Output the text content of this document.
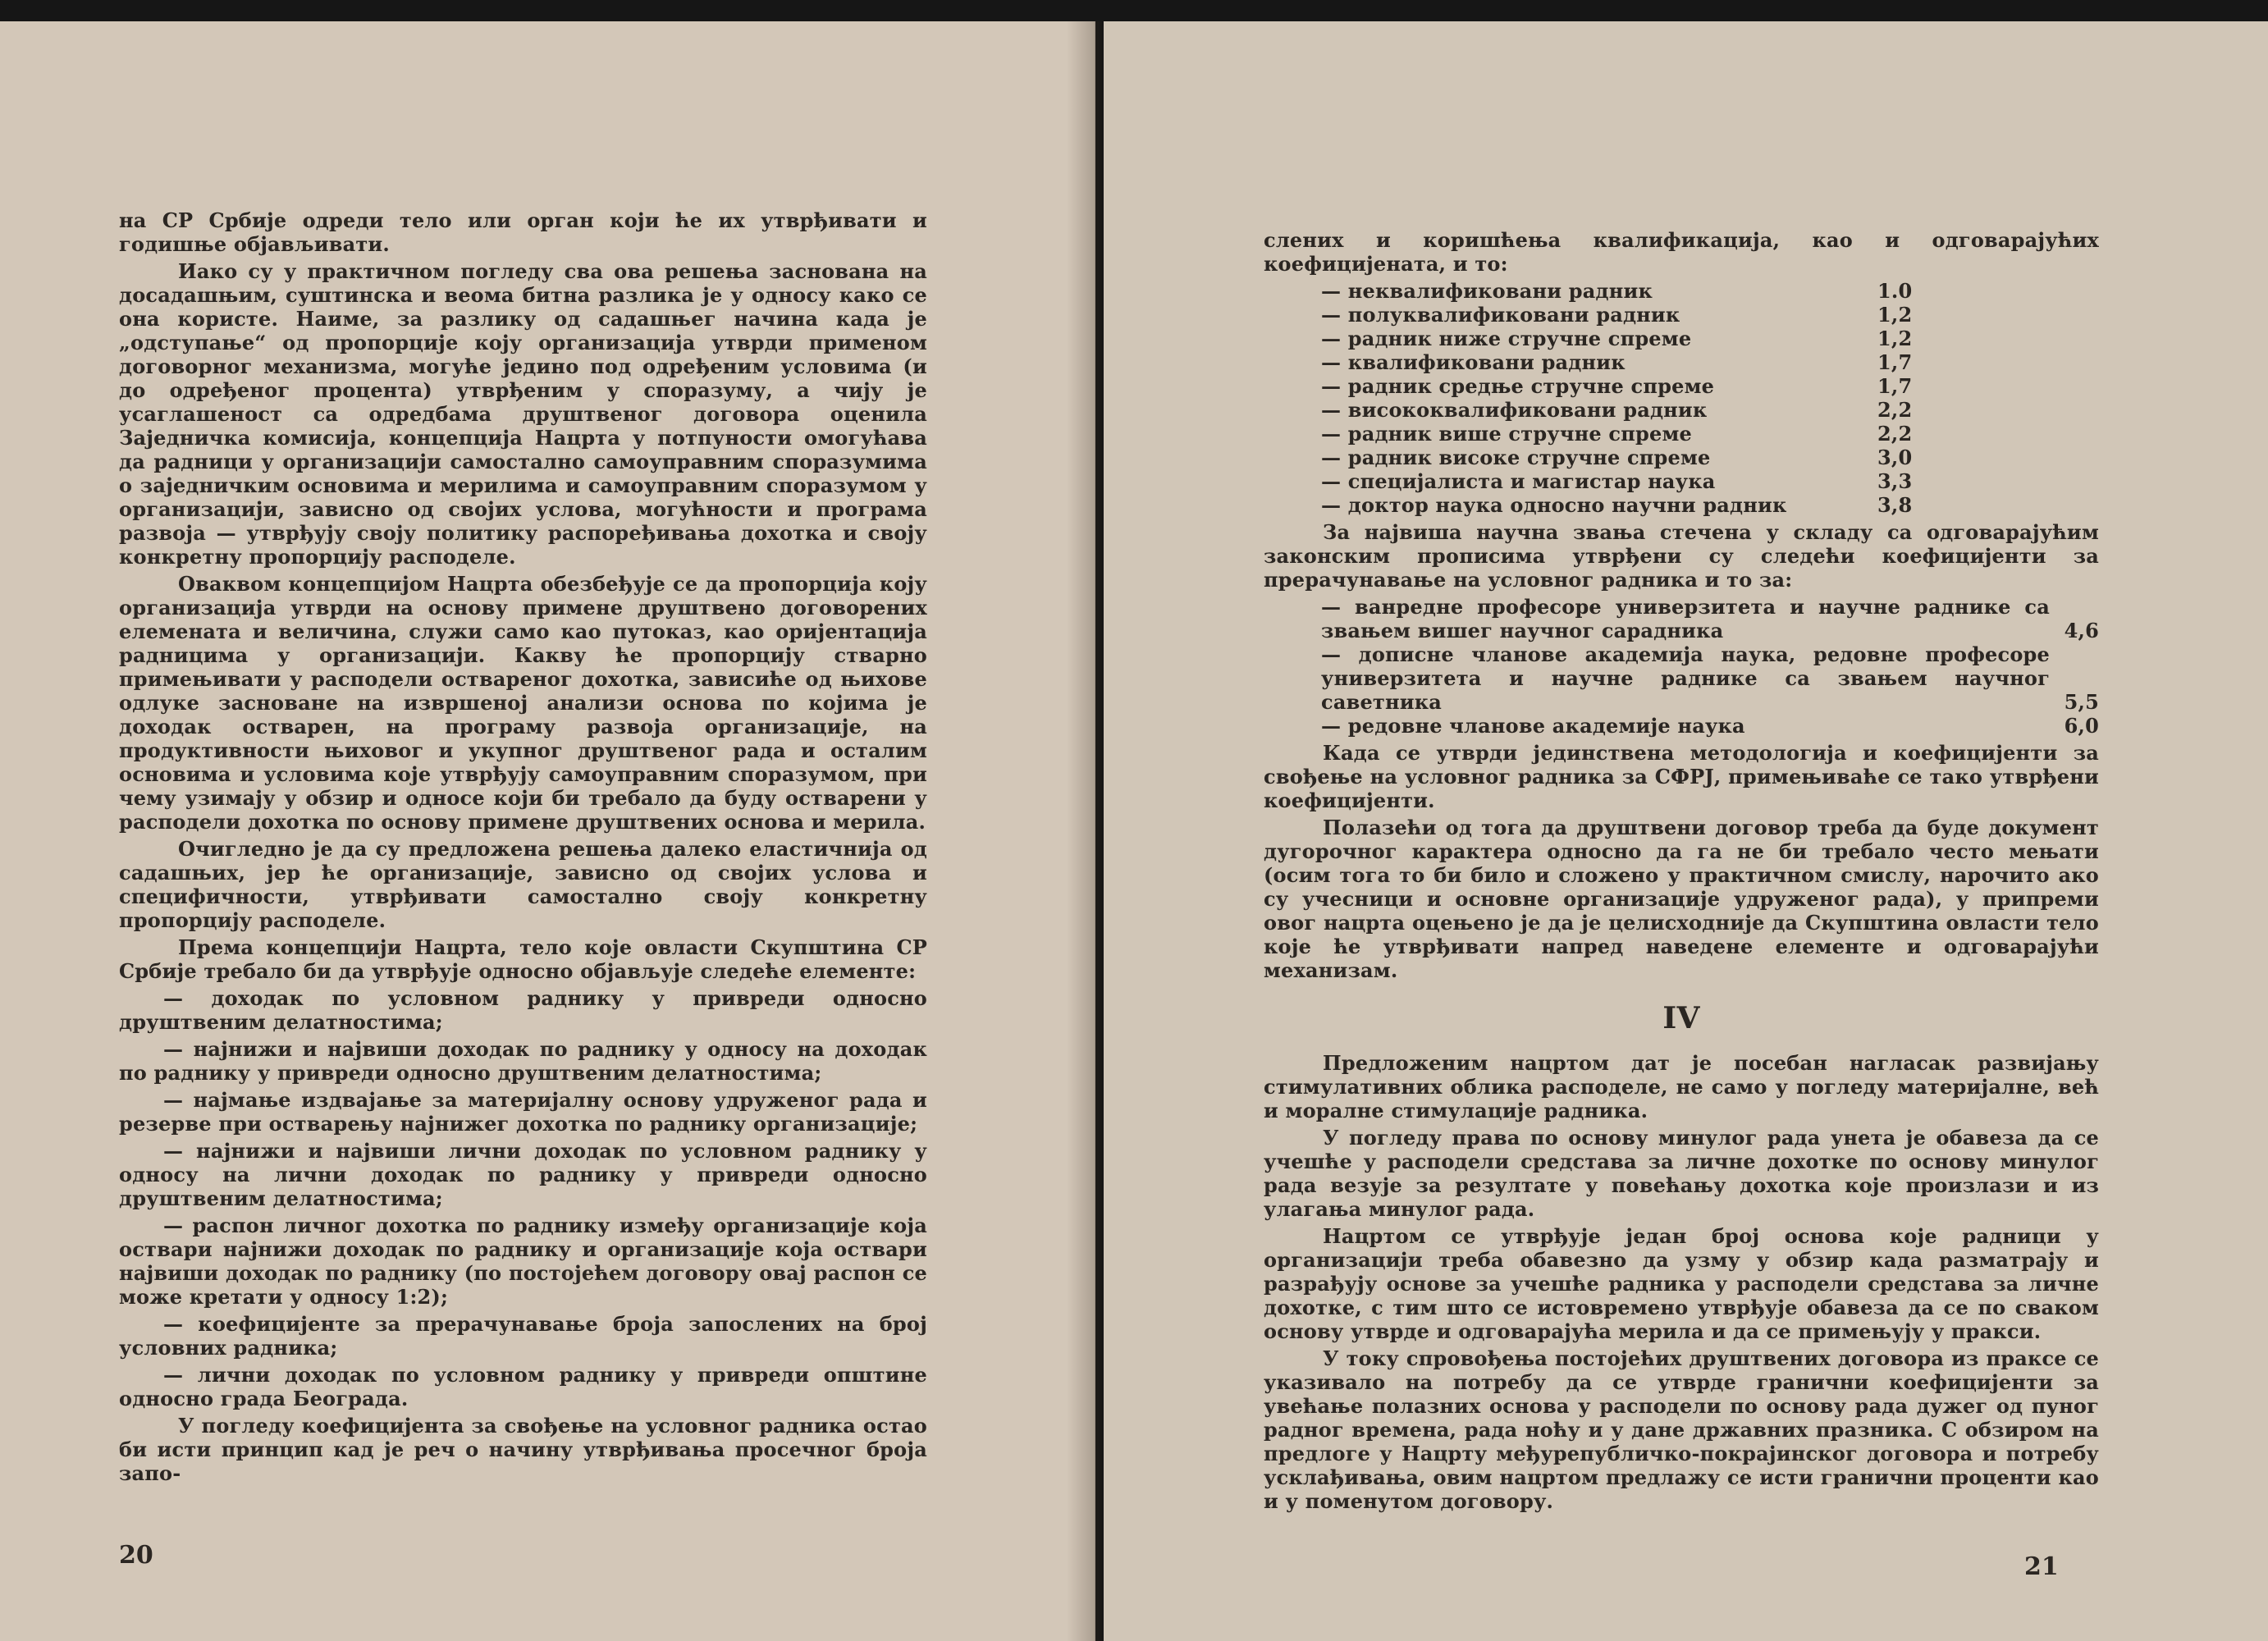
на СР Србије одреди тело или орган који ће их утврђивати и годишње објављивати.

Иако су у практичном погледу сва ова решења заснована на досадашњим, суштинска и веома битна разлика је у односу како се она користе. Наиме, за разлику од садашњег начина када је „одступање“ од пропорције коју организација утврди применом договорног механизма, могуће једино под одређеним условима (и до одређеног процента) утврђеним у споразуму, а чију је усаглашеност са одредбама друштвеног договора оценила Заједничка комисија, концепција Нацрта у потпуности омогућава да радници у организацији самостално самоуправним споразумима о заједничким основима и мерилима и самоуправним споразумом у организацији, зависно од својих услова, могућности и програма развоја — утврђују своју политику распоређивања дохотка и своју конкретну пропорцију расподеле.

Оваквом концепцијом Нацрта обезбеђује се да пропорција коју организација утврди на основу примене друштвено договорених елемената и величина, служи само као путоказ, као оријентација радницима у организацији. Какву ће пропорцију стварно примењивати у расподели оствареног дохотка, зависиће од њихове одлуке засноване на извршеној анализи основа по којима је доходак остварен, на програму развоја организације, на продуктивности њиховог и укупног друштвеног рада и осталим основима и условима које утврђују самоуправним споразумом, при чему узимају у обзир и односе који би требало да буду остварени у расподели дохотка по основу примене друштвених основа и мерила.

Очигледно је да су предложена решења далеко еластичнија од садашњих, јер ће организације, зависно од својих услова и специфичности, утврђивати самостално своју конкретну пропорцију расподеле.

Према концепцији Нацрта, тело које овласти Скупштина СР Србије требало би да утврђује односно објављује следеће елементе:

— доходак по условном раднику у привреди односно друштвеним делатностима;

— најнижи и највиши доходак по раднику у односу на доходак по раднику у привреди односно друштвеним делатностима;

— најмање издвајање за материјалну основу удруженог рада и резерве при остварењу најнижег дохотка по раднику организације;

— најнижи и највиши лични доходак по условном раднику у односу на лични доходак по раднику у привреди односно друштвеним делатностима;

— распон личног дохотка по раднику између организације која оствари најнижи доходак по раднику и организације која оствари највиши доходак по раднику (по постојећем договору овај распон се може кретати у односу 1:2);

— коефицијенте за прерачунавање броја запослених на број условних радника;

— лични доходак по условном раднику у привреди општине односно града Београда.

У погледу коефицијента за свођење на условног радника остао би исти принцип кад је реч о начину утврђивања просечног броја запо-

20

слених и коришћења квалификација, као и одговарајућих коефицијената, и то:

— неквалификовани радник	1.0
— полуквалификовани радник	1,2
— радник ниже стручне спреме	1,2
— квалификовани радник	1,7
— радник средње стручне спреме	1,7
— висококвалификовани радник	2,2
— радник више стручне спреме	2,2
— радник високе стручне спреме	3,0
— специјалиста и магистар наука	3,3
— доктор наука односно научни радник	3,8

За највиша научна звања стечена у складу са одговарајућим законским прописима утврђени су следећи коефицијенти за прерачунавање на условног радника и то за:

— ванредне професоре универзитета и научне раднике са звањем вишег научног сарадника	4,6
— дописне чланове академија наука, редовне професоре универзитета и научне раднике са звањем научног саветника	5,5
— редовне чланове академије наука	6,0

Када се утврди јединствена методологија и коефицијенти за свођење на условног радника за СФРЈ, примењиваће се тако утврђени коефицијенти.

Полазећи од тога да друштвени договор треба да буде документ дугорочног карактера односно да га не би требало често мењати (осим тога то би било и сложено у практичном смислу, нарочито ако су учесници и основне организације удруженог рада), у припреми овог нацрта оцењено је да је целисходније да Скупштина овласти тело које ће утврђивати напред наведене елементе и одговарајући механизам.

IV

Предложеним нацртом дат је посебан нагласак развијању стимулативних облика расподеле, не само у погледу материјалне, већ и моралне стимулације радника.

У погледу права по основу минулог рада унета је обавеза да се учешће у расподели средстава за личне дохотке по основу минулог рада везује за резултате у повећању дохотка које произлази и из улагања минулог рада.

Нацртом се утврђује један број основа које радници у организацији треба обавезно да узму у обзир када разматрају и разрађују основе за учешће радника у расподели средстава за личне дохотке, с тим што се истовремено утврђује обавеза да се по сваком основу утврде и одговарајућа мерила и да се примењују у пракси.

У току спровођења постојећих друштвених договора из праксе се указивало на потребу да се утврде гранични коефицијенти за увећање полазних основа у расподели по основу рада дужег од пуног радног времена, рада ноћу и у дане државних празника. С обзиром на предлоге у Нацрту међурепубличко-покрајинског договора и потребу усклађивања, овим нацртом предлажу се исти гранични проценти као и у поменутом договору.

21
